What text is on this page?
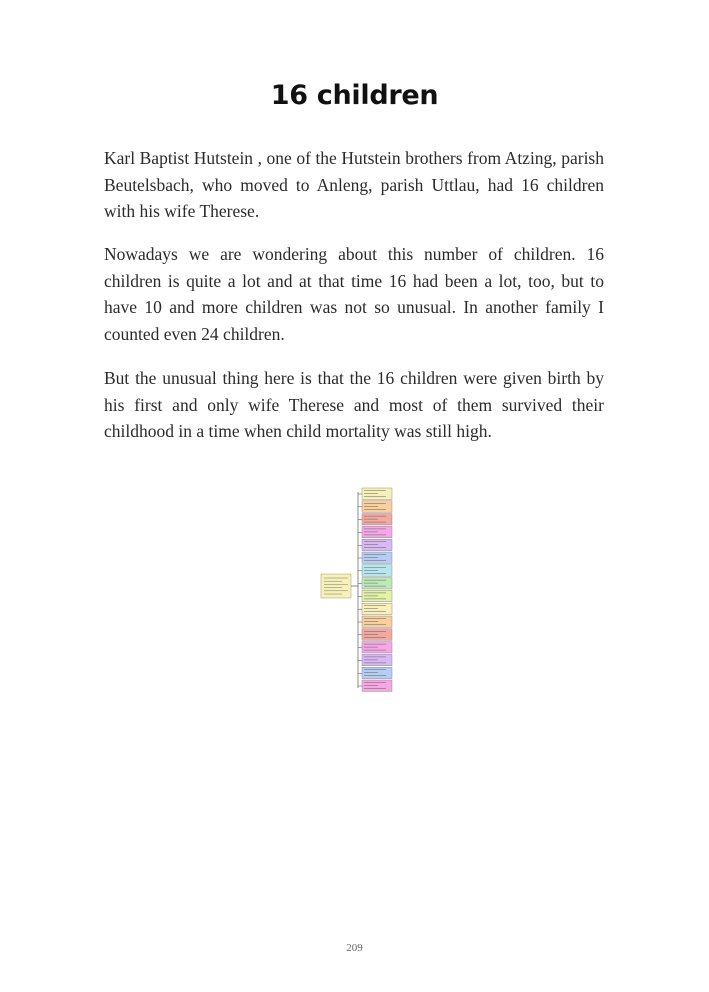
16 children

Karl Baptist Hutstein , one of the Hutstein brothers from Atzing, parish Beutelsbach, who moved to Anleng, parish Uttlau, had 16 children with his wife Therese.

Nowadays we are wondering about this number of children. 16 children is quite a lot and at that time 16 had been a lot, too, but to have 10 and more children was not so unusual. In another family I counted even 24 children.

But the unusual thing here is that the 16 children were given birth by his first and only wife Therese and most of them survived their childhood in a time when child mortality was still high.

209
